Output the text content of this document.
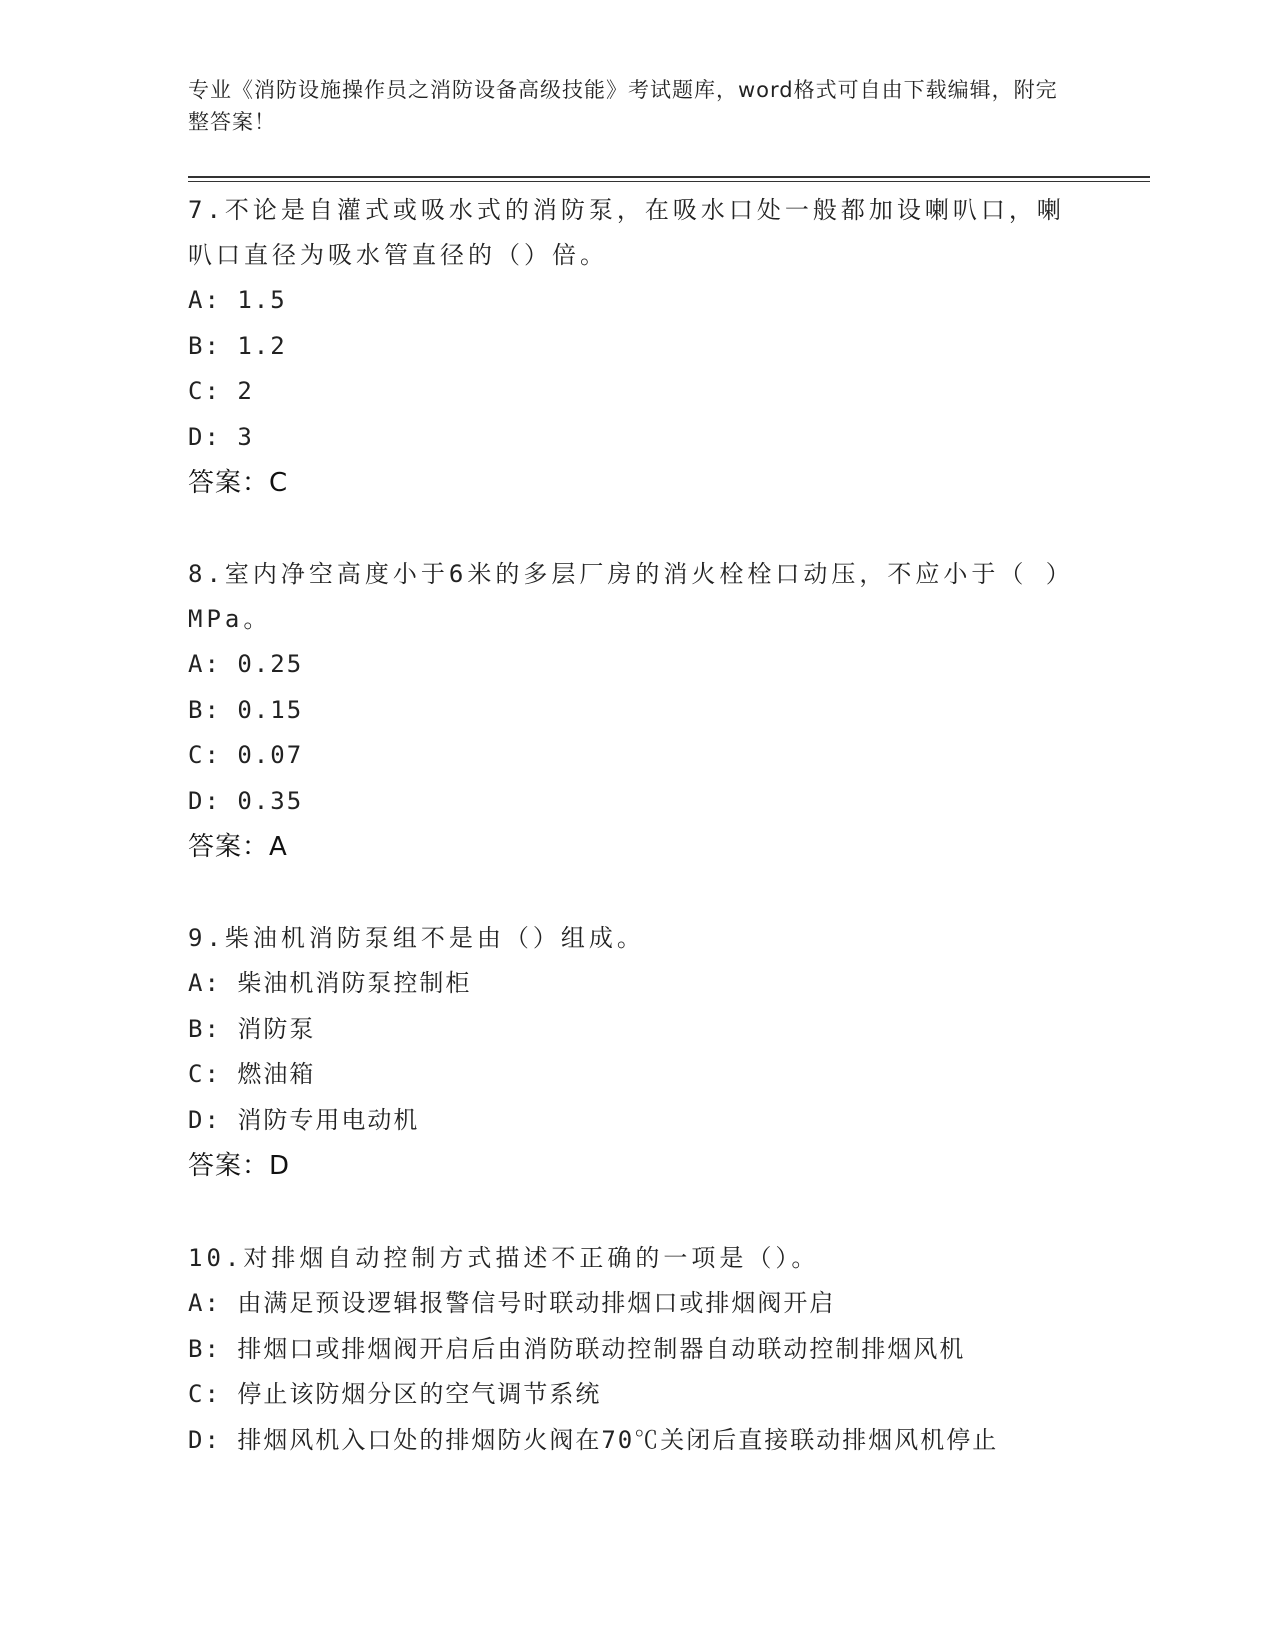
专业《消防设施操作员之消防设备高级技能》考试题库，word格式可自由下载编辑，附完整答案！

7.不论是自灌式或吸水式的消防泵，在吸水口处一般都加设喇叭口，喇叭口直径为吸水管直径的（）倍。

A: 1.5

B: 1.2

C: 2

D: 3

答案：C

8.室内净空高度小于6米的多层厂房的消火栓栓口动压，不应小于（ ）MPa。

A: 0.25

B: 0.15

C: 0.07

D: 0.35

答案：A

9.柴油机消防泵组不是由（）组成。

A: 柴油机消防泵控制柜

B: 消防泵

C: 燃油箱

D: 消防专用电动机

答案：D

10.对排烟自动控制方式描述不正确的一项是（）。

A: 由满足预设逻辑报警信号时联动排烟口或排烟阀开启

B: 排烟口或排烟阀开启后由消防联动控制器自动联动控制排烟风机

C: 停止该防烟分区的空气调节系统

D: 排烟风机入口处的排烟防火阀在70℃关闭后直接联动排烟风机停止
